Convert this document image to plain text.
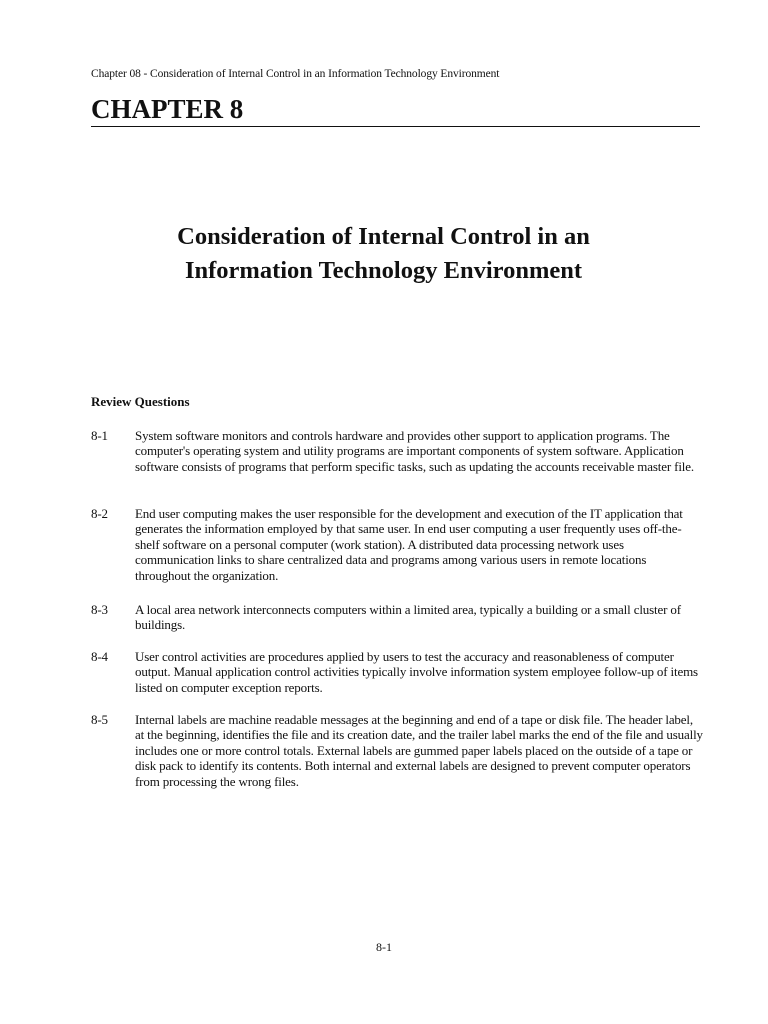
Chapter 08 - Consideration of Internal Control in an Information Technology Environment
CHAPTER 8
Consideration of Internal Control in an
Information Technology Environment
Review Questions
8-1 System software monitors and controls hardware and provides other support to application programs. The computer's operating system and utility programs are important components of system software. Application software consists of programs that perform specific tasks, such as updating the accounts receivable master file.
8-2 End user computing makes the user responsible for the development and execution of the IT application that generates the information employed by that same user. In end user computing a user frequently uses off-the-shelf software on a personal computer (work station). A distributed data processing network uses communication links to share centralized data and programs among various users in remote locations throughout the organization.
8-3 A local area network interconnects computers within a limited area, typically a building or a small cluster of buildings.
8-4 User control activities are procedures applied by users to test the accuracy and reasonableness of computer output. Manual application control activities typically involve information system employee follow-up of items listed on computer exception reports.
8-5 Internal labels are machine readable messages at the beginning and end of a tape or disk file. The header label, at the beginning, identifies the file and its creation date, and the trailer label marks the end of the file and usually includes one or more control totals. External labels are gummed paper labels placed on the outside of a tape or disk pack to identify its contents. Both internal and external labels are designed to prevent computer operators from processing the wrong files.
8-1
